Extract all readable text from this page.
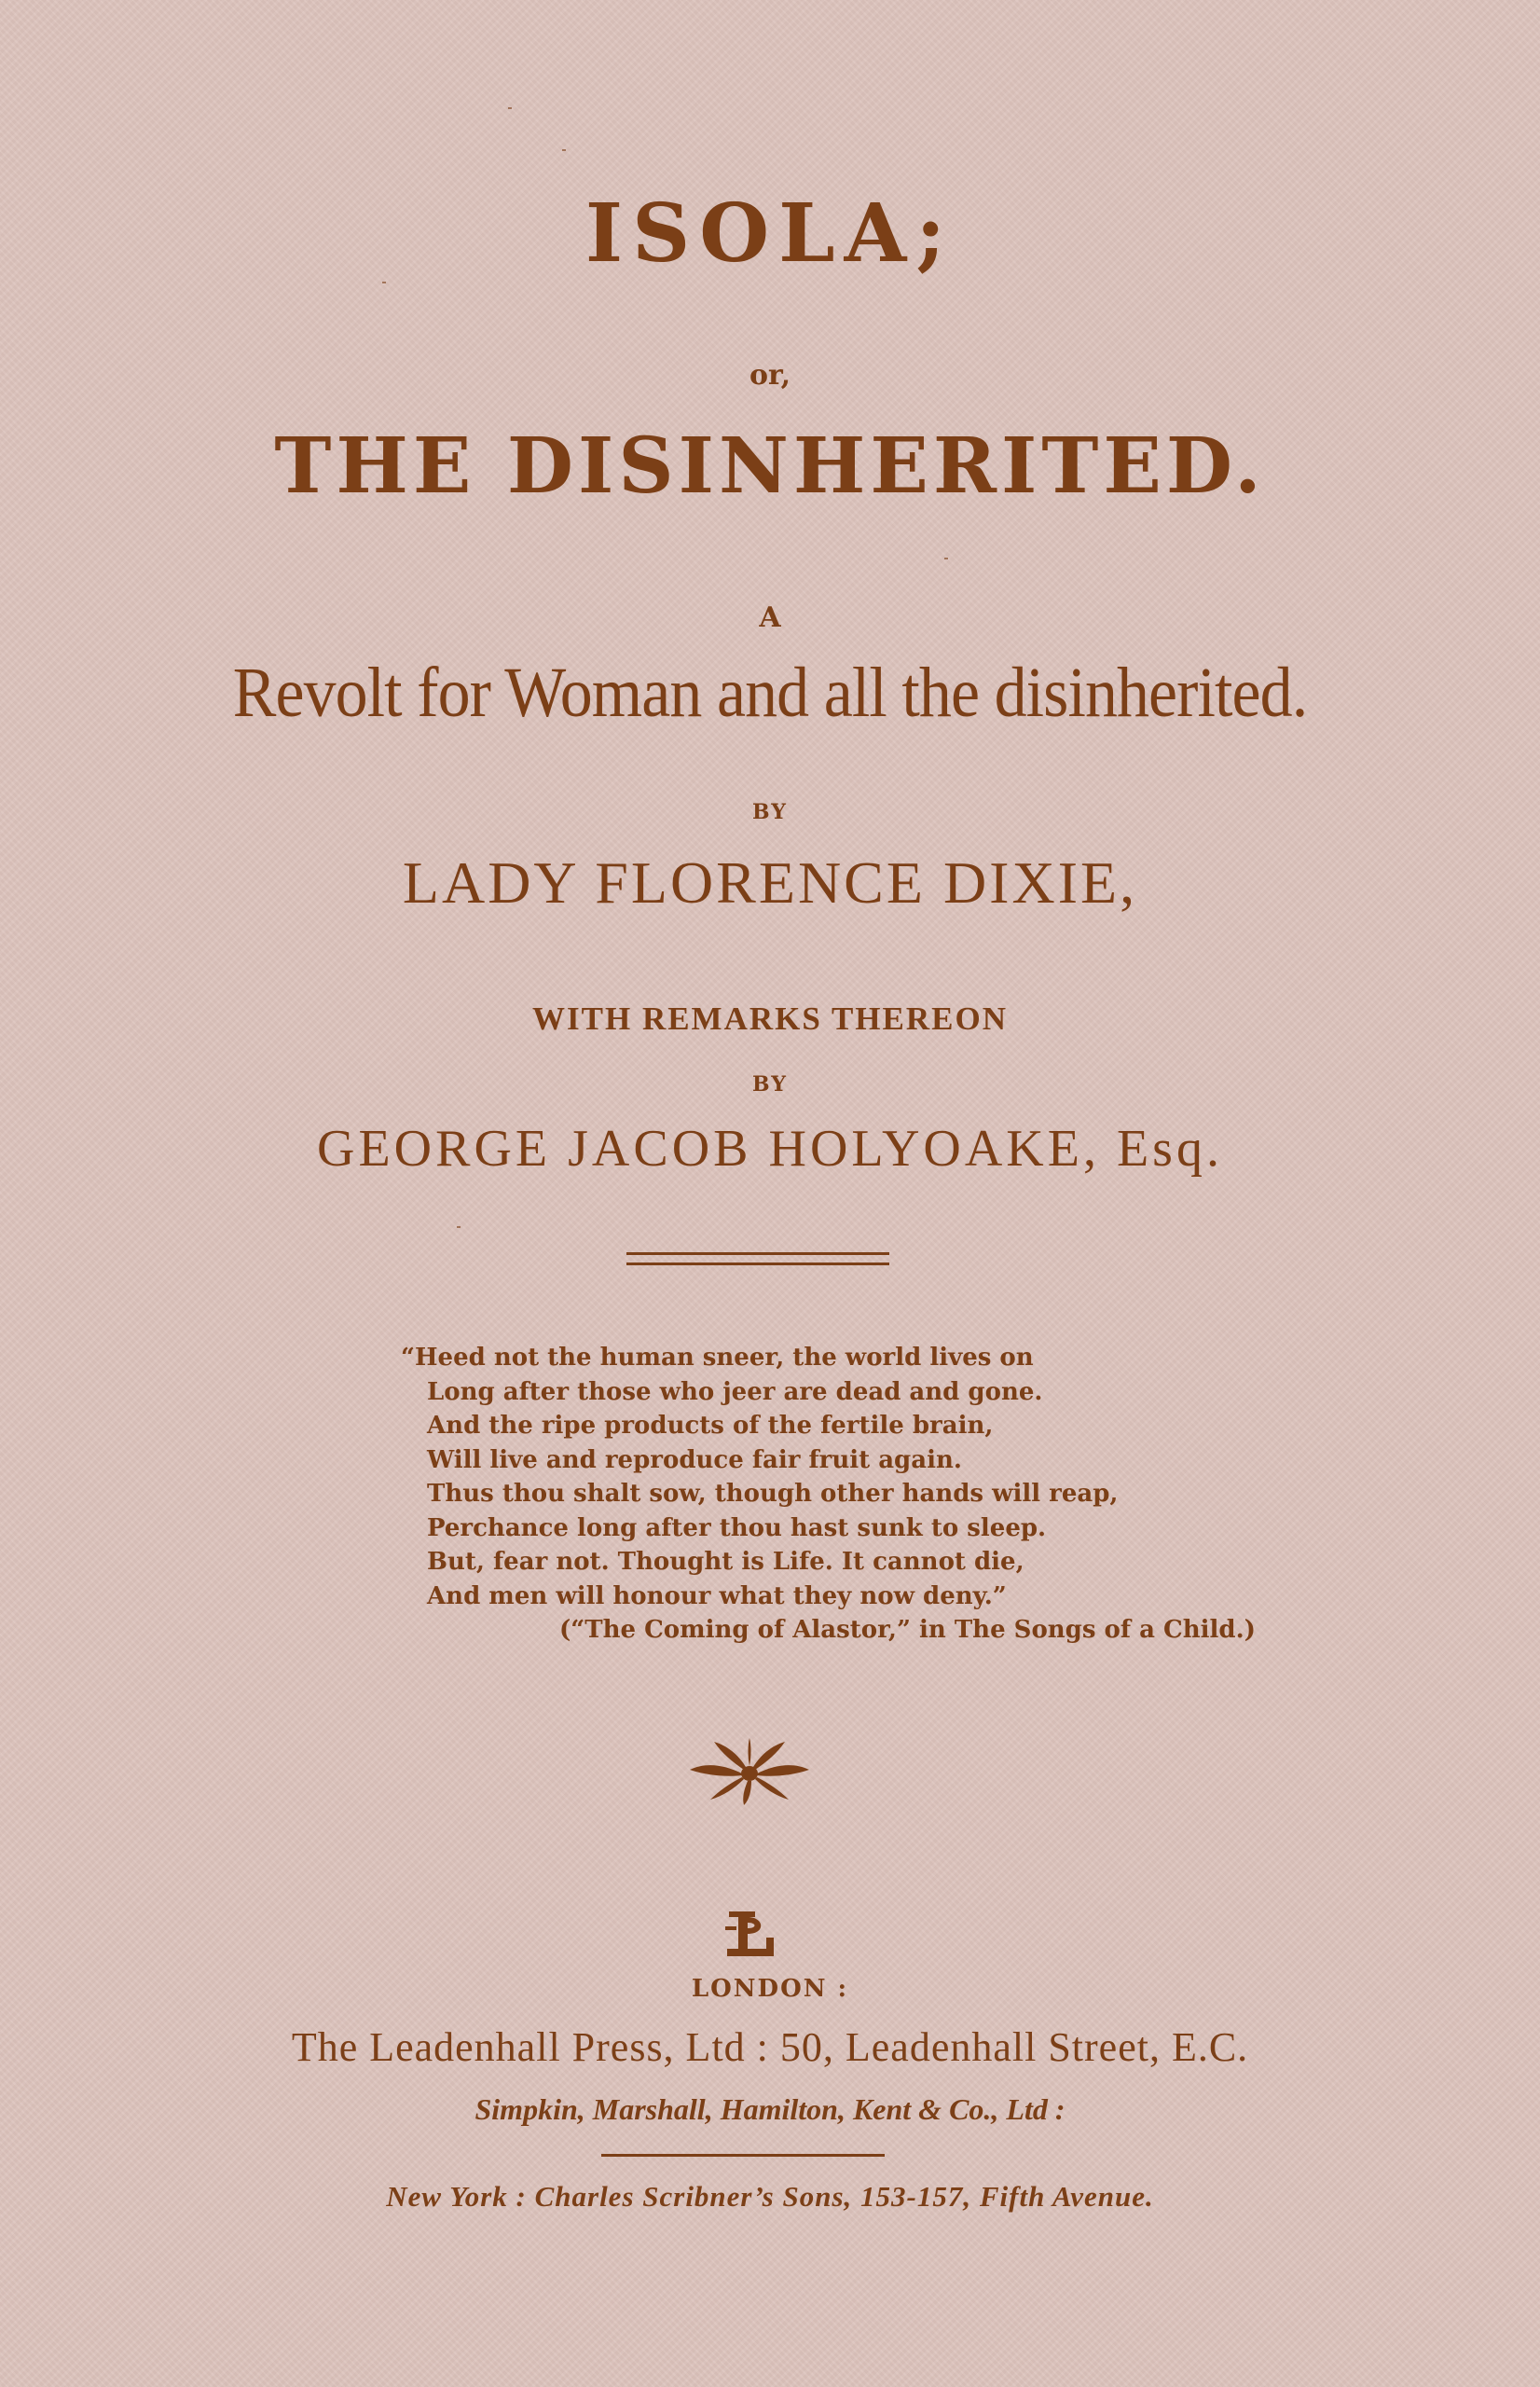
ISOLA;
or,
THE DISINHERITED.
A
Revolt for Woman and all the disinherited.
BY
LADY FLORENCE DIXIE,
WITH REMARKS THEREON
BY
GEORGE JACOB HOLYOAKE, Esq.
“Heed not the human sneer, the world lives on
Long after those who jeer are dead and gone.
And the ripe products of the fertile brain,
Will live and reproduce fair fruit again.
Thus thou shalt sow, though other hands will reap,
Perchance long after thou hast sunk to sleep.
But, fear not. Thought is Life. It cannot die,
And men will honour what they now deny.”
(“The Coming of Alastor,” in The Songs of a Child.)
LONDON :
The Leadenhall Press, Ltd : 50, Leadenhall Street, E.C.
Simpkin, Marshall, Hamilton, Kent & Co., Ltd :
New York : Charles Scribner’s Sons, 153-157, Fifth Avenue.
